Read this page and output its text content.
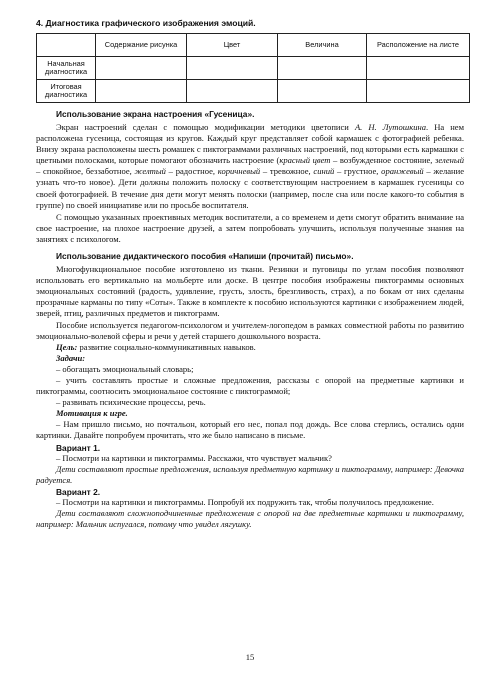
4. Диагностика графического изображения эмоций.
	Содержание рисунка	Цвет	Величина	Расположение на листе
Начальная диагностика				
Итоговая диагностика				
Использование экрана настроения «Гусеница».

Экран настроений сделан с помощью модификации методики цветописи А. Н. Лутошкина. На нем расположена гусеница, состоящая из кругов. Каждый круг представляет собой кармашек с фотографией ребенка. Внизу экрана расположены шесть ромашек с пиктограммами различных настроений, под которыми есть кармашки с цветными полосками, которые помогают обозначить настроение (красный цвет – возбужденное состояние, зеленый – спокойное, беззаботное, желтый – радостное, коричневый – тревожное, синий – грустное, оранжевый – желание узнать что-то новое). Дети должны положить полоску с соответствующим настроением в кармашек гусеницы со своей фотографией. В течение дня дети могут менять полоски (например, после сна или после какого-то события в группе) по своей инициативе или по просьбе воспитателя.

С помощью указанных проективных методик воспитатели, а со временем и дети смогут обратить внимание на свое настроение, на плохое настроение друзей, а затем попробовать улучшить, используя полученные знания на занятиях с психологом.

Использование дидактического пособия «Напиши (прочитай) письмо».

Многофункциональное пособие изготовлено из ткани. Резинки и пуговицы по углам пособия позволяют использовать его вертикально на мольберте или доске. В центре пособия изображены пиктограммы основных эмоциональных состояний (радость, удивление, грусть, злость, брезгливость, страх), а по бокам от них сделаны прозрачные карманы по типу «Соты». Также в комплекте к пособию используются картинки с изображением людей, зверей, птиц, различных предметов и пиктограмм.

Пособие используется педагогом-психологом и учителем-логопедом в рамках совместной работы по развитию эмоционально-волевой сферы и речи у детей старшего дошкольного возраста.

Цель: развитие социально-коммуникативных навыков.

Задачи:

– обогащать эмоциональный словарь;

– учить составлять простые и сложные предложения, рассказы с опорой на предметные картинки и пиктограммы, соотносить эмоциональное состояние с пиктограммой;

– развивать психические процессы, речь.

Мотивация к игре.

– Нам пришло письмо, но почтальон, который его нес, попал под дождь. Все слова стерлись, остались одни картинки. Давайте попробуем прочитать, что же было написано в письме.

Вариант 1.

– Посмотри на картинки и пиктограммы. Расскажи, что чувствует мальчик?

Дети составляют простые предложения, используя предметную картинку и пиктограмму, например: Девочка радуется.

Вариант 2.

– Посмотри на картинки и пиктограммы. Попробуй их подружить так, чтобы получилось предложение.

Дети составляют сложноподчиненные предложения с опорой на две предметные картинки и пиктограмму, например: Мальчик испугался, потому что увидел лягушку.

15
